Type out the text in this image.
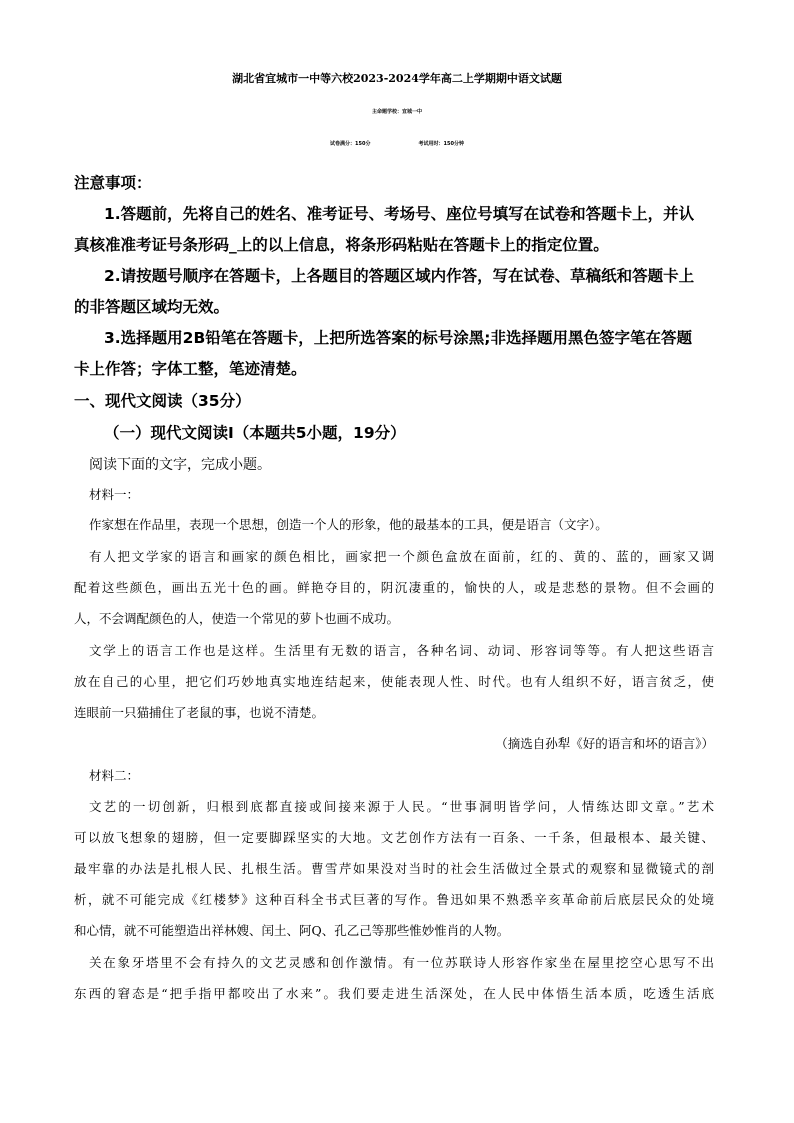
湖北省宜城市一中等六校2023-2024学年高二上学期期中语文试题
主命题学校：宜城一中
试卷满分：150分	考试用时：150分钟
注意事项：
1.答题前，先将自己的姓名、准考证号、考场号、座位号填写在试卷和答题卡上，并认
真核准准考证号条形码_上的以上信息，将条形码粘贴在答题卡上的指定位置。
2.请按题号顺序在答题卡，上各题目的答题区域内作答，写在试卷、草稿纸和答题卡上
的非答题区域均无效。
3.选择题用2B铅笔在答题卡，上把所选答案的标号涂黑;非选择题用黑色签字笔在答题
卡上作答；字体工整，笔迹清楚。
一、现代文阅读（35分）
（一）现代文阅读Ⅰ（本题共5小题，19分）
阅读下面的文字，完成小题。
材料一：
作家想在作品里，表现一个思想，创造一个人的形象，他的最基本的工具，便是语言（文字）。
有人把文学家的语言和画家的颜色相比，画家把一个颜色盒放在面前，红的、黄的、蓝的，画家又调
配着这些颜色，画出五光十色的画。鲜艳夺目的，阴沉凄重的，愉快的人，或是悲愁的景物。但不会画的
人，不会调配颜色的人，使造一个常见的萝卜也画不成功。
文学上的语言工作也是这样。生活里有无数的语言，各种名词、动词、形容词等等。有人把这些语言
放在自己的心里，把它们巧妙地真实地连结起来，使能表现人性、时代。也有人组织不好，语言贫乏，使
连眼前一只猫捕住了老鼠的事，也说不清楚。
（摘选自孙犁《好的语言和坏的语言》）
材料二：
文艺的一切创新，归根到底都直接或间接来源于人民。“世事洞明皆学问，人情练达即文章。”艺术
可以放飞想象的翅膀，但一定要脚踩坚实的大地。文艺创作方法有一百条、一千条，但最根本、最关键、
最牢靠的办法是扎根人民、扎根生活。曹雪芹如果没对当时的社会生活做过全景式的观察和显微镜式的剖
析，就不可能完成《红楼梦》这种百科全书式巨著的写作。鲁迅如果不熟悉辛亥革命前后底层民众的处境
和心情，就不可能塑造出祥林嫂、闰土、阿Q、孔乙己等那些惟妙惟肖的人物。
关在象牙塔里不会有持久的文艺灵感和创作激情。有一位苏联诗人形容作家坐在屋里挖空心思写不出
东西的窘态是“把手指甲都咬出了水来”。我们要走进生活深处，在人民中体悟生活本质，吃透生活底
